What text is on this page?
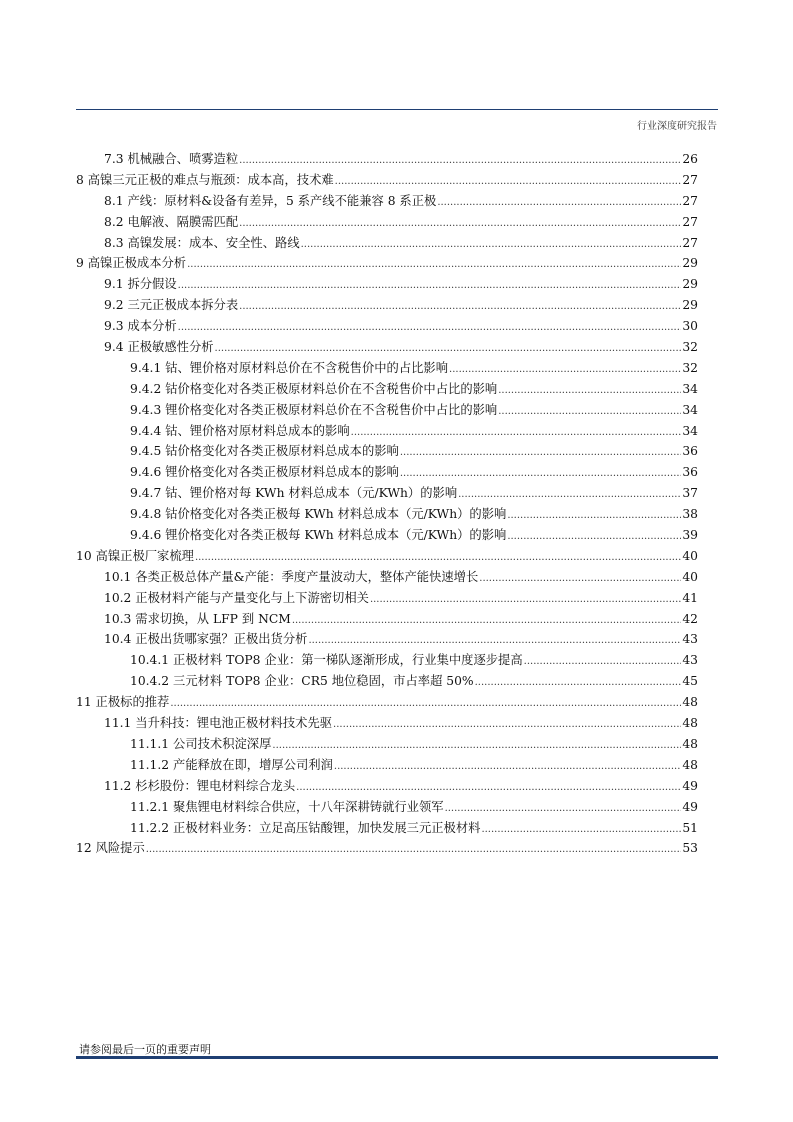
行业深度研究报告
7.3 机械融合、喷雾造粒 .....	26
8 高镍三元正极的难点与瓶颈：成本高，技术难 .....	27
8.1 产线：原材料&设备有差异，5 系产线不能兼容 8 系正极 .....	27
8.2 电解液、隔膜需匹配 .....	27
8.3 高镍发展：成本、安全性、路线 .....	27
9 高镍正极成本分析 .....	29
9.1 拆分假设 .....	29
9.2 三元正极成本拆分表 .....	29
9.3 成本分析 .....	30
9.4 正极敏感性分析 .....	32
9.4.1 钴、锂价格对原材料总价在不含税售价中的占比影响 .....	32
9.4.2 钴价格变化对各类正极原材料总价在不含税售价中占比的影响 .....	34
9.4.3 锂价格变化对各类正极原材料总价在不含税售价中占比的影响 .....	34
9.4.4 钴、锂价格对原材料总成本的影响 .....	34
9.4.5 钴价格变化对各类正极原材料总成本的影响 .....	36
9.4.6 锂价格变化对各类正极原材料总成本的影响 .....	36
9.4.7 钴、锂价格对每 KWh 材料总成本（元/KWh）的影响 .....	37
9.4.8 钴价格变化对各类正极每 KWh 材料总成本（元/KWh）的影响 .....	38
9.4.6 锂价格变化对各类正极每 KWh 材料总成本（元/KWh）的影响 .....	39
10 高镍正极厂家梳理 .....	40
10.1 各类正极总体产量&产能：季度产量波动大，整体产能快速增长 .....	40
10.2 正极材料产能与产量变化与上下游密切相关 .....	41
10.3 需求切换，从 LFP 到 NCM .....	42
10.4 正极出货哪家强？正极出货分析 .....	43
10.4.1 正极材料 TOP8 企业：第一梯队逐渐形成，行业集中度逐步提高 .....	43
10.4.2 三元材料 TOP8 企业：CR5 地位稳固，市占率超 50% .....	45
11 正极标的推荐 .....	48
11.1 当升科技：锂电池正极材料技术先驱 .....	48
11.1.1 公司技术积淀深厚 .....	48
11.1.2 产能释放在即，增厚公司利润 .....	48
11.2 杉杉股份：锂电材料综合龙头 .....	49
11.2.1 聚焦锂电材料综合供应，十八年深耕铸就行业领军 .....	49
11.2.2 正极材料业务：立足高压钴酸锂，加快发展三元正极材料 .....	51
12 风险提示 .....	53
请参阅最后一页的重要声明
